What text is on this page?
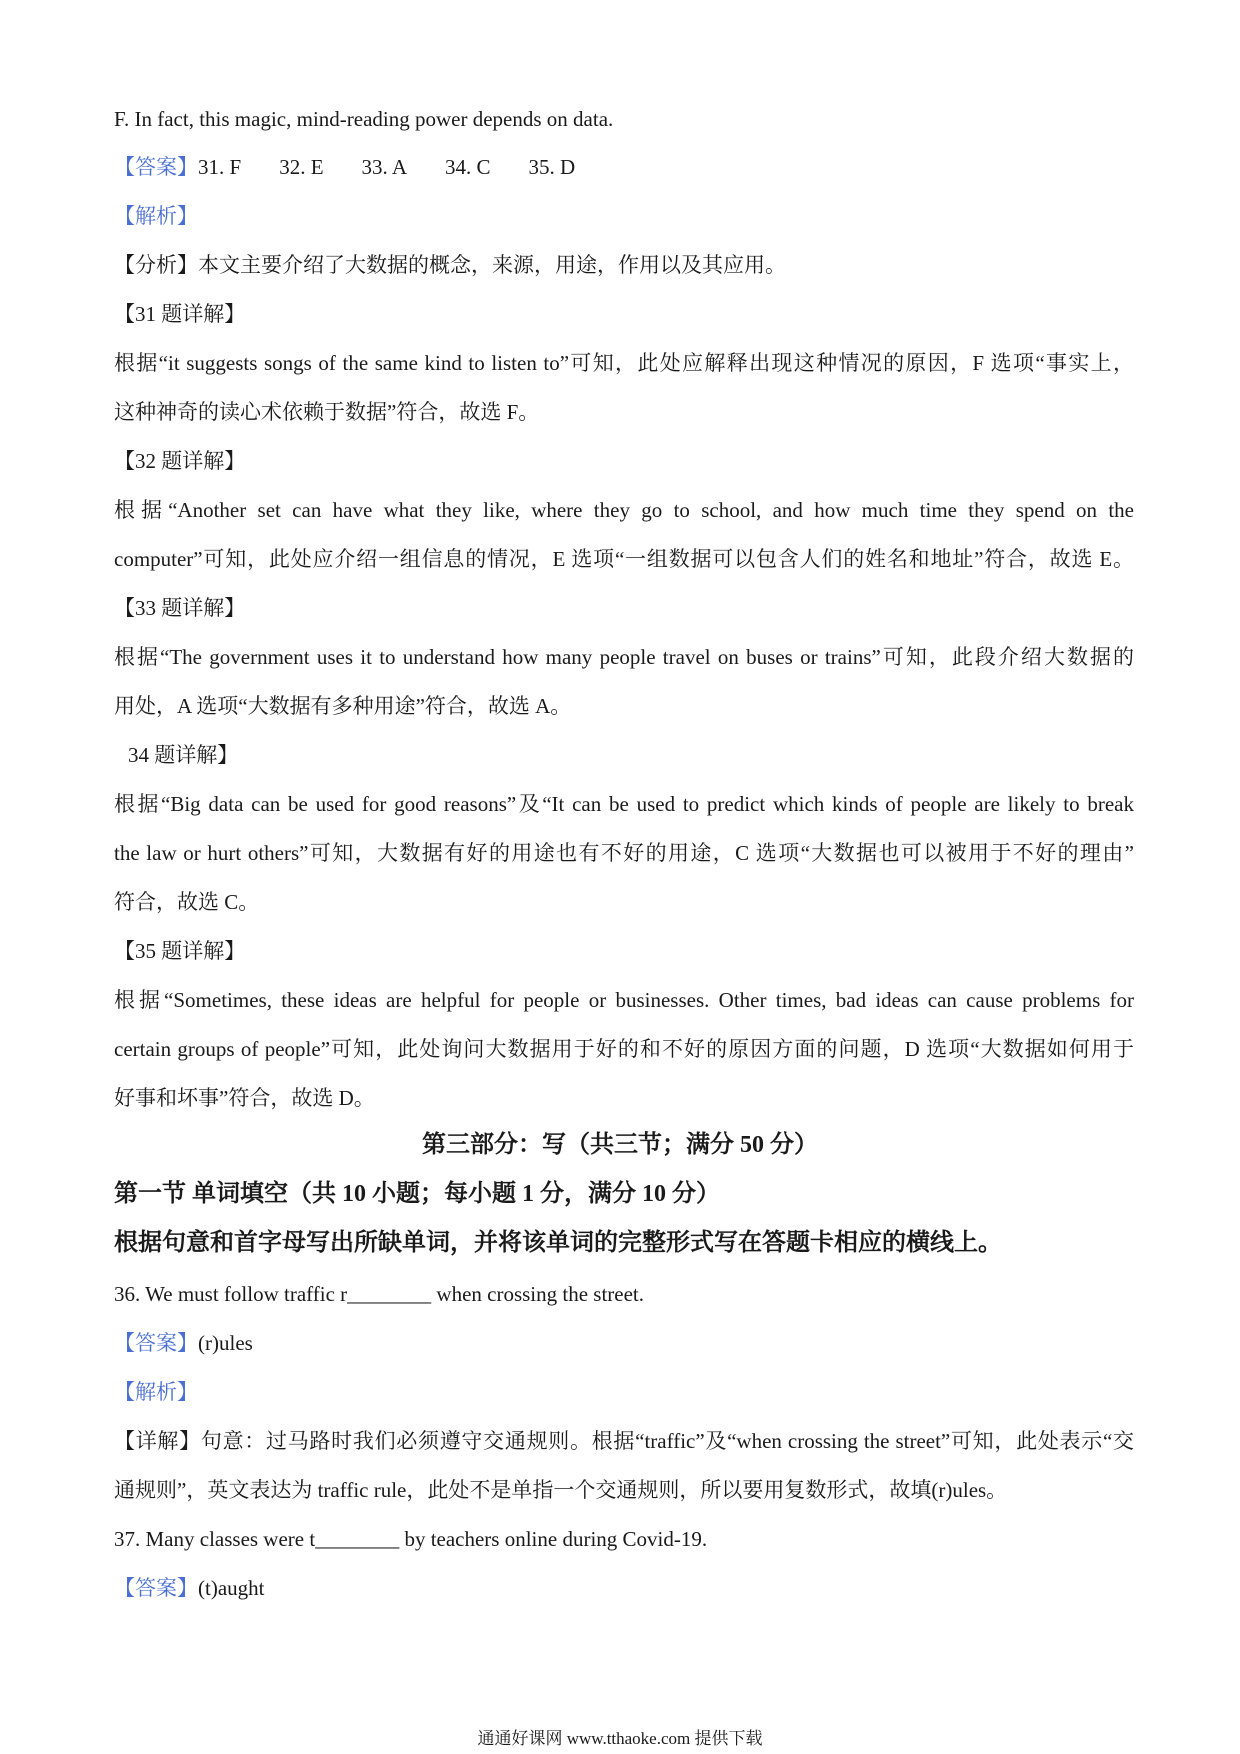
F. In fact, this magic, mind-reading power depends on data.
【答案】31. F 32. E 33. A 34. C 35. D
【解析】
【分析】本文主要介绍了大数据的概念，来源，用途，作用以及其应用。
【31 题详解】
根据“it suggests songs of the same kind to listen to”可知，此处应解释出现这种情况的原因，F 选项“事实上，
这种神奇的读心术依赖于数据”符合，故选 F。
【32 题详解】
根据“Another set can have what they like, where they go to school, and how much time they spend on the
computer”可知，此处应介绍一组信息的情况，E 选项“一组数据可以包含人们的姓名和地址”符合，故选 E。
【33 题详解】
根据“The government uses it to understand how many people travel on buses or trains”可知，此段介绍大数据的
用处，A 选项“大数据有多种用途”符合，故选 A。
34 题详解】
根据“Big data can be used for good reasons”及“It can be used to predict which kinds of people are likely to break
the law or hurt others”可知，大数据有好的用途也有不好的用途，C 选项“大数据也可以被用于不好的理由”
符合，故选 C。
【35 题详解】
根据“Sometimes, these ideas are helpful for people or businesses. Other times, bad ideas can cause problems for
certain groups of people”可知，此处询问大数据用于好的和不好的原因方面的问题，D 选项“大数据如何用于
好事和坏事”符合，故选 D。
第三部分：写（共三节；满分 50 分）
第一节 单词填空（共 10 小题；每小题 1 分，满分 10 分）
根据句意和首字母写出所缺单词，并将该单词的完整形式写在答题卡相应的横线上。
36. We must follow traffic r________ when crossing the street.
【答案】(r)ules
【解析】
【详解】句意：过马路时我们必须遵守交通规则。根据“traffic”及“when crossing the street”可知，此处表示“交
通规则”，英文表达为 traffic rule，此处不是单指一个交通规则，所以要用复数形式，故填(r)ules。
37. Many classes were t________ by teachers online during Covid-19.
【答案】(t)aught
通通好课网 www.tthaoke.com 提供下载
